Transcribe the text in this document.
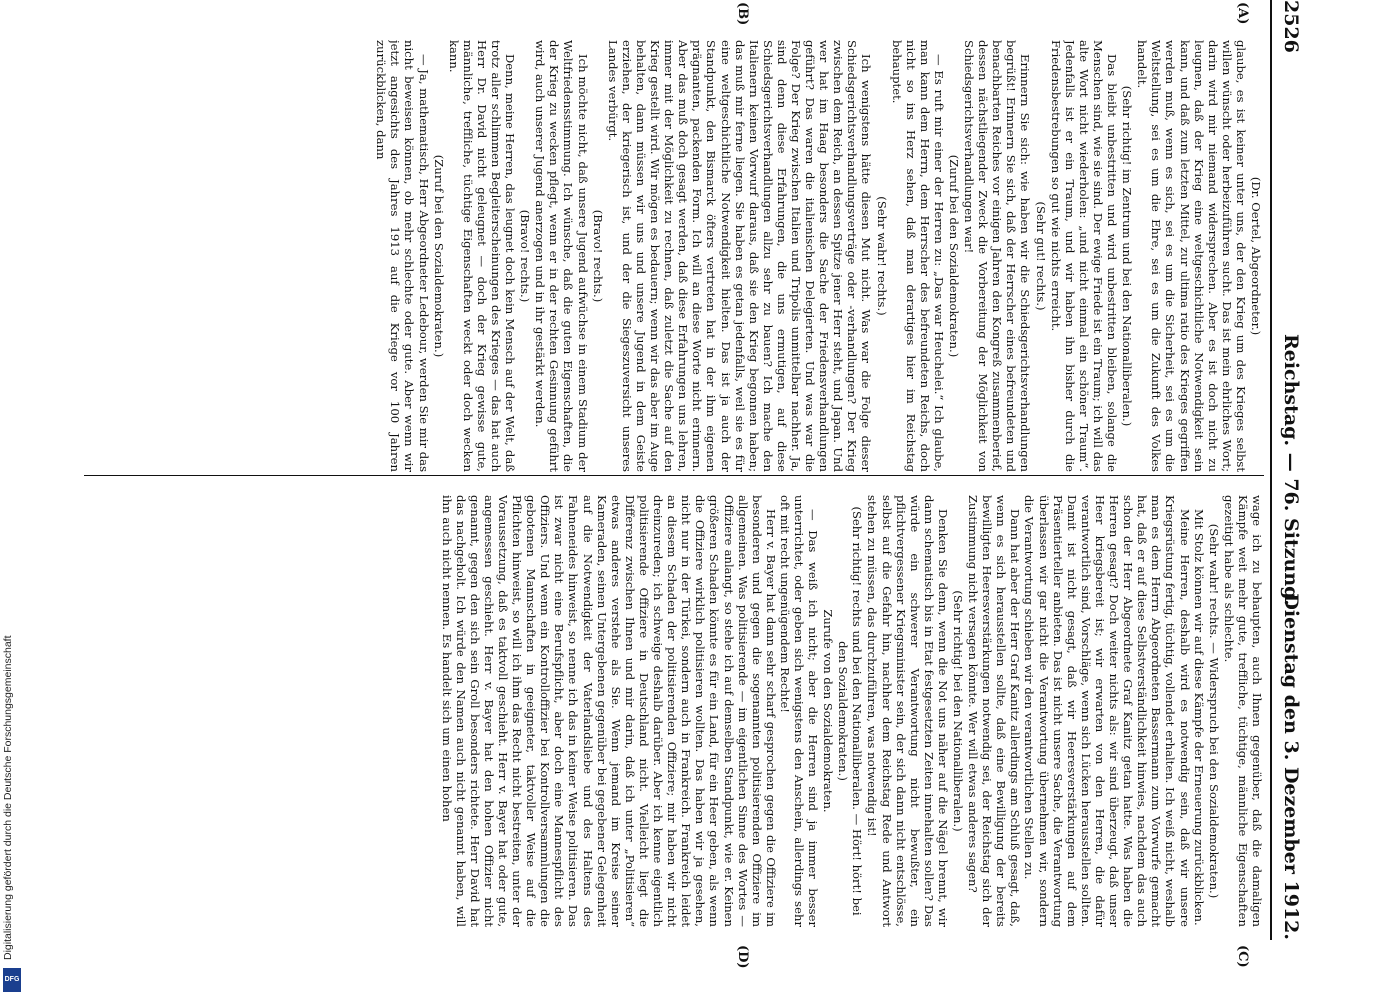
Digitalisierung gefördert durch die Deutsche Forschungsgemeinschaft
DFG
2526
Reichstag. — 76. Sitzung.
Dienstag den 3. Dezember 1912.
(A)
(B)
(C)
(D)

(Dr. Oertel, Abgeordneter.)

glaube, es ist keiner unter uns, der den Krieg um des Krieges selbst willen wünscht oder herbeizuführen sucht. Das ist mein ehrliches Wort; darin wird mir niemand widersprechen. Aber es ist doch nicht zu leugnen, daß der Krieg eine weltgeschichtliche Notwendigkeit sein kann, und daß zum letzten Mittel, zur ultima ratio des Krieges gegriffen werden muß, wenn es sich, sei es um die Sicherheit, sei es um die Weltstellung, sei es um die Ehre, sei es um die Zukunft des Volkes handelt.

(Sehr richtig! im Zentrum und bei den Nationalliberalen.)

Das bleibt unbestritten und wird unbestritten bleiben, solange die Menschen sind, wie sie sind. Der ewige Friede ist ein Traum; ich will das alte Wort nicht wiederholen: „und nicht einmal ein schöner Traum“. Jedenfalls ist er ein Traum, und wir haben ihn bisher durch die Friedensbestrebungen so gut wie nichts erreicht.

(Sehr gut! rechts.)

Erinnern Sie sich: wie haben wir die Schiedsgerichtsverhandlungen begrüßt! Erinnern Sie sich, daß der Herrscher eines befreundeten und benachbarten Reiches vor einigen Jahren den Kongreß zusammenberief, dessen nächstliegender Zweck die Vorbereitung der Möglichkeit von Schiedsgerichtsverhandlungen war!

(Zuruf bei den Sozialdemokraten.)

— Es ruft mir einer der Herren zu: „Das war Heuchelei.“ Ich glaube, man kann dem Herrn, dem Herrscher des befreundeten Reichs, doch nicht so ins Herz sehen, daß man derartiges hier im Reichstag behauptet.

(Sehr wahr! rechts.)

Ich wenigstens hätte diesen Mut nicht. Was war die Folge dieser Schiedsgerichtsverhandlungsverträge oder -verhandlungen? Der Krieg zwischen dem Reich, an dessen Spitze jener Herr steht, und Japan. Und wer hat im Haag besonders die Sache der Friedensverhandlungen geführt? Das waren die italienischen Delegierten. Und was war die Folge? Der Krieg zwischen Italien und Tripolis unmittelbar nachher. Ja, sind denn diese Erfahrungen, die uns ermutigen, auf diese Schiedsgerichtsverhandlungen allzu sehr zu bauen? Ich mache den Italienern keinen Vorwurf daraus, daß sie den Krieg begonnen haben; das muß mir ferne liegen. Sie haben es getan jedenfalls, weil sie es für eine weltgeschichtliche Notwendigkeit hielten. Das ist ja auch der Standpunkt, den Bismarck öfters vertreten hat in der ihm eigenen prägnanten, packenden Form. Ich will an diese Worte nicht erinnern. Aber das muß doch gesagt werden, daß diese Erfahrungen uns lehren, immer mit der Möglichkeit zu rechnen, daß zuletzt die Sache auf den Krieg gestellt wird. Wir mögen es bedauern; wenn wir das aber im Auge behalten, dann müssen wir uns und unsere Jugend in dem Geiste erziehen, der kriegerisch ist, und der die Siegeszuversicht unseres Landes verbürgt.

(Bravo! rechts.)

Ich möchte nicht, daß unsere Jugend aufwüchse in einem Stadium der Weltfriedensstimmung. Ich wünsche, daß die guten Eigenschaften, die der Krieg zu wecken pflegt, wenn er in der rechten Gesinnung geführt wird, auch unserer Jugend anerzogen und in ihr gestärkt werden.

(Bravo! rechts.)

Denn, meine Herren, das leugnet doch kein Mensch auf der Welt, daß trotz aller schlimmen Begleiterscheinungen des Krieges — das hat auch Herr Dr. David nicht geleugnet — doch der Krieg gewisse gute, männliche, treffliche, tüchtige Eigenschaften weckt oder doch wecken kann.

(Zuruf bei den Sozialdemokraten.)

— Ja, mathematisch, Herr Abgeordneter Ledebour, werden Sie mir das nicht beweisen können, ob mehr schlechte oder gute. Aber wenn wir jetzt angesichts des Jahres 1913 auf die Kriege vor 100 Jahren zurückblicken, dann

wage ich zu behaupten, auch Ihnen gegenüber, daß die damaligen Kämpfe weit mehr gute, treffliche, tüchtige, männliche Eigenschaften gezeitigt habe als schlechte.

(Sehr wahr! rechts. — Widerspruch bei den Sozialdemokraten.)

Mit Stolz können wir auf diese Kämpfe der Erneuerung zurückblicken.

Meine Herren, deshalb wird es notwendig sein, daß wir unsere Kriegsrüstung fertig, tüchtig, vollendet erhalten. Ich weiß nicht, weshalb man es dem Herrn Abgeordneten Bassermann zum Vorwurfe gemacht hat, daß er auf diese Selbstverständlichkeit hinwies, nachdem das auch schon der Herr Abgeordnete Graf Kanitz getan hatte. Was haben die Herren gesagt? Doch weiter nichts als: wir sind überzeugt, daß unser Heer kriegsbereit ist; wir erwarten von den Herren, die dafür verantwortlich sind, Vorschläge, wenn sich Lücken herausstellen sollten. Damit ist nicht gesagt, daß wir Heeresverstärkungen auf dem Präsentierteller anbieten. Das ist nicht unsere Sache, die Verantwortung überlassen wir gar nicht die Verantwortung übernehmen wir, sondern die Verantwortung schieben wir den verantwortlichen Stellen zu.

Dann hat aber der Herr Graf Kanitz allerdings am Schluß gesagt, daß, wenn es sich herausstellen sollte, daß eine Bewilligung der bereits bewilligten Heeresverstärkungen notwendig sei, der Reichstag sich der Zustimmung nicht versagen könnte. Wer will etwas anderes sagen?

(Sehr richtig! bei den Nationalliberalen.)

Denken Sie denn, wenn die Not uns näher auf die Nägel brennt, wir dann schematisch bis in Etat festgesetzten Zeiten innehalten sollen? Das würde ein schwerer Verantwortung nicht bewußter, ein pflichtvergessener Kriegsminister sein, der sich dann nicht entschlösse, selbst auf die Gefahr hin, nachher dem Reichstag Rede und Antwort stehen zu müssen, das durchzuführen, was notwendig ist!

(Sehr richtig! rechts und bei den Nationalliberalen. — Hört! hört! bei den Sozialdemokraten.)

Zurufe von den Sozialdemokraten.

— Das weiß ich nicht; aber die Herren sind ja immer besser unterrichtet, oder geben sich wenigstens den Anschein, allerdings sehr oft mit recht ungenügendem Rechte!

Herr v. Bayer hat dann sehr scharf gesprochen gegen die Offiziere im besonderen und gegen die sogenannten politisierenden Offiziere im allgemeinen. Was politisierende — im eigentlichen Sinne des Wortes — Offiziere anlangt, so stehe ich auf demselben Standpunkt, wie er. Keinen größeren Schaden könnte es für ein Land, für ein Heer geben, als wenn die Offiziere wirklich politisieren wollten. Das haben wir ja gesehen, nicht nur in der Türkei, sondern auch in Frankreich. Frankreich leidet an diesem Schaden der politisierenden Offiziere; mir haben wir nicht dreinzureden; ich schweige deshalb darüber. Aber ich kenne eigentlich politisierende Offiziere in Deutschland nicht. Vielleicht liegt die Differenz zwischen Ihnen und mir darin, daß ich unter „Politisieren“ etwas anderes verstehe als Sie. Wenn jemand im Kreise seiner Kameraden, seinen Untergebenen gegenüber bei gegebener Gelegenheit auf die Notwendigkeit der Vaterlandsliebe und des Haltens des Fahneneides hinweist, so nenne ich das in keiner Weise politisieren. Das ist zwar nicht eine Berufspflicht, aber doch eine Mannespflicht des Offiziers. Und wenn ein Kontrolloffizier bei Kontrollversammlungen die gebotenen Mannschaften in geeigneter, taktvoller Weise auf die Pflichten hinweist, so will ich ihm das Recht nicht bestreiten, unter der Voraussetzung, daß es taktvoll geschieht. Herr v. Bayer hat oder gute, angemessen geschieht. Herr v. Bayer hat den hohen Offizier nicht genannt, gegen den sich sein Groll besonders richtete. Herr David hat das nachgeholt. Ich würde den Namen auch nicht genannt haben, will ihn auch nicht nennen. Es handelt sich um einen hohen
